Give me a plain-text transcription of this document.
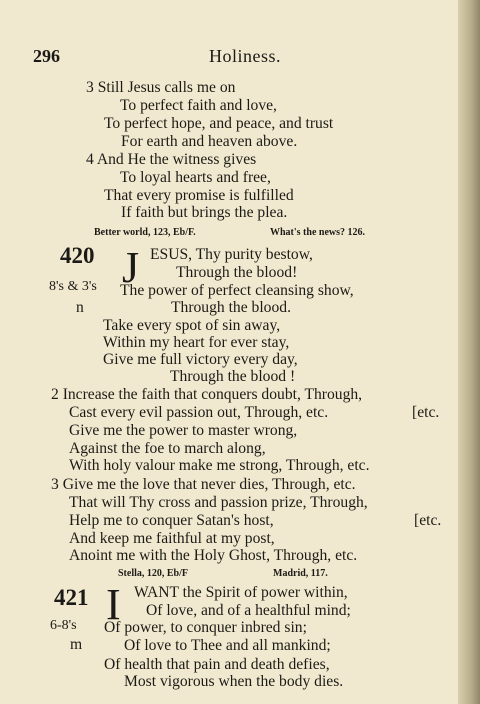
296	Holiness.
3 Still Jesus calls me on
To perfect faith and love,
To perfect hope, and peace, and trust
For earth and heaven above.
4 And He the witness gives
To loyal hearts and free,
That every promise is fulfilled
If faith but brings the plea.
Better world, 123, Eb/F.	What's the news? 126.
420 J ESUS, Thy purity bestow,
Through the blood!
8's & 3's The power of perfect cleansing show,
n	Through the blood.
Take every spot of sin away,
Within my heart for ever stay,
Give me full victory every day,
Through the blood !
2 Increase the faith that conquers doubt, Through,
Cast every evil passion out, Through, etc.	[etc.
Give me the power to master wrong,
Against the foe to march along,
With holy valour make me strong, Through, etc.
3 Give me the love that never dies, Through, etc.
That will Thy cross and passion prize, Through,
Help me to conquer Satan's host,	[etc.
And keep me faithful at my post,
Anoint me with the Holy Ghost, Through, etc.
Stella, 120, Eb/F	Madrid, 117.
421 I WANT the Spirit of power within,
Of love, and of a healthful mind;
6-8's Of power, to conquer inbred sin;
m	Of love to Thee and all mankind;
Of health that pain and death defies,
Most vigorous when the body dies.
